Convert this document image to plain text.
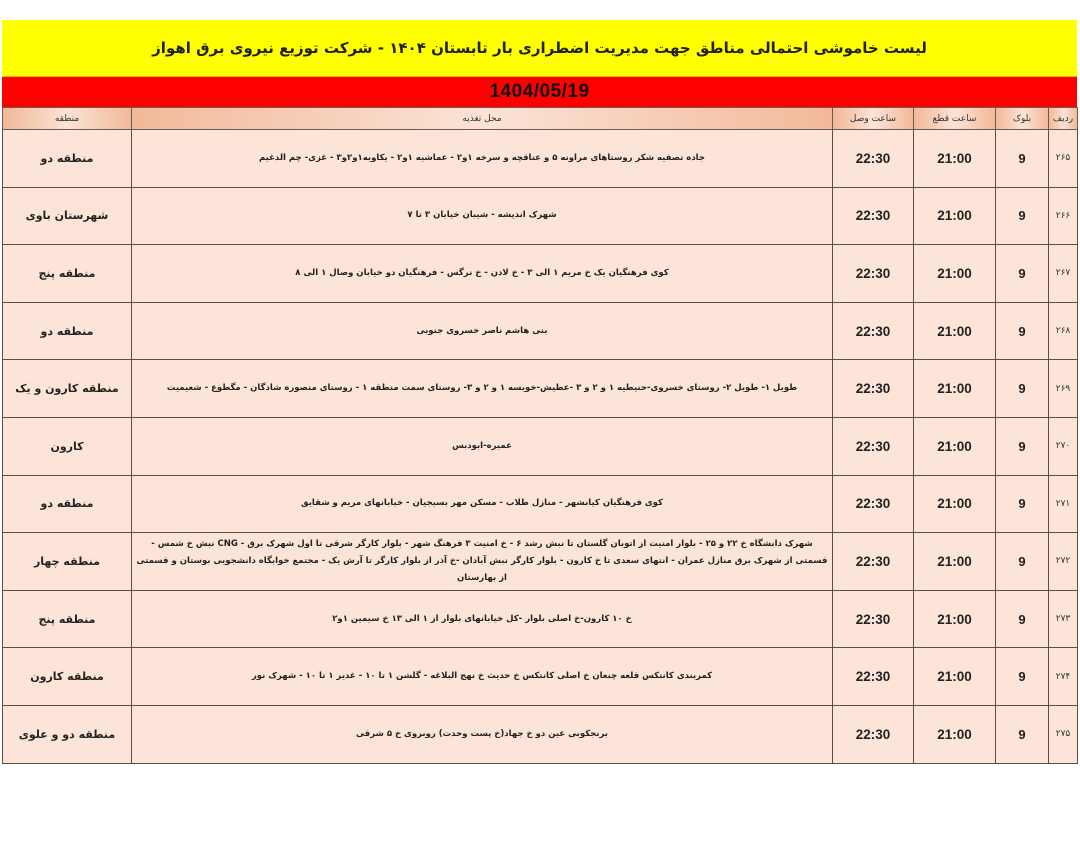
لیست خاموشی احتمالی مناطق جهت مدیریت اضطراری بار تابستان ۱۴۰۴ - شرکت توزیع نیروی برق اهواز
1404/05/19
منطقه	محل تغذیه	ساعت وصل	ساعت قطع	بلوک	ردیف
منطقه دو	جاده تصفیه شکر روستاهای مراونه ۵ و عناقچه و سرخه ۱و۲ - عماشیه ۱و۲ - یکاویه۱و۲و۳ - غزی- چم الدغیم	22:30	21:00	9	۲۶۵
شهرستان باوی	شهرک اندیشه - شیبان خیابان ۳ تا ۷	22:30	21:00	9	۲۶۶
منطقه پنج	کوی فرهنگیان یک خ مریم ۱ الی ۳ - خ لادن - خ نرگس - فرهنگیان دو خیابان وصال ۱ الی ۸	22:30	21:00	9	۲۶۷
منطقه دو	بنی هاشم ناصر خسروی جنوبی	22:30	21:00	9	۲۶۸
منطقه کارون و یک	طویل ۱- طویل ۲- روستای خسروی-حنیطیه ۱ و ۲ و ۳ -عطیش-خویسه ۱ و ۲ و ۳- روستای سمت منطقه ۱ - روستای منصوره شادگان - مگطوع - شعیمیت	22:30	21:00	9	۲۶۹
کارون	عمیره-ابودبس	22:30	21:00	9	۲۷۰
منطقه دو	کوی فرهنگیان کیانشهر - منازل طلاب - مسکن مهر بسیجیان - خیابانهای مریم و شقایق	22:30	21:00	9	۲۷۱
منطقه چهار	شهرک دانشگاه خ ۲۲ و ۲۵ - بلوار امنیت از اتوبان گلستان تا نبش رشد ۶ - خ امنیت ۳ فرهنگ شهر - بلوار کارگر شرقی تا اول شهرک برق - CNG نبش خ شمس - قسمتی از شهرک برق منازل عمران - انتهای سعدی تا خ کارون - بلوار کارگر نبش آبادان -خ آذر از بلوار کارگر تا آرش یک - مجتمع خوابگاه دانشجویی بوستان و قسمتی از بهارستان	22:30	21:00	9	۲۷۲
منطقه پنج	خ ۱۰ کارون-خ اصلی بلوار -کل خیابانهای بلوار از ۱ الی ۱۳ خ سیمین ۱و۲	22:30	21:00	9	۲۷۳
منطقه کارون	کمربندی کانتکس قلعه چنعان خ اصلی کانتکس خ حدیث خ نهج البلاغه - گلشن ۱ تا ۱۰ - غدیر ۱ تا ۱۰ - شهرک نور	22:30	21:00	9	۲۷۴
منطقه دو و علوی	برنجکوبی عین دو خ جهاد(خ پست وحدت) روبروی خ ۵ شرقی	22:30	21:00	9	۲۷۵
